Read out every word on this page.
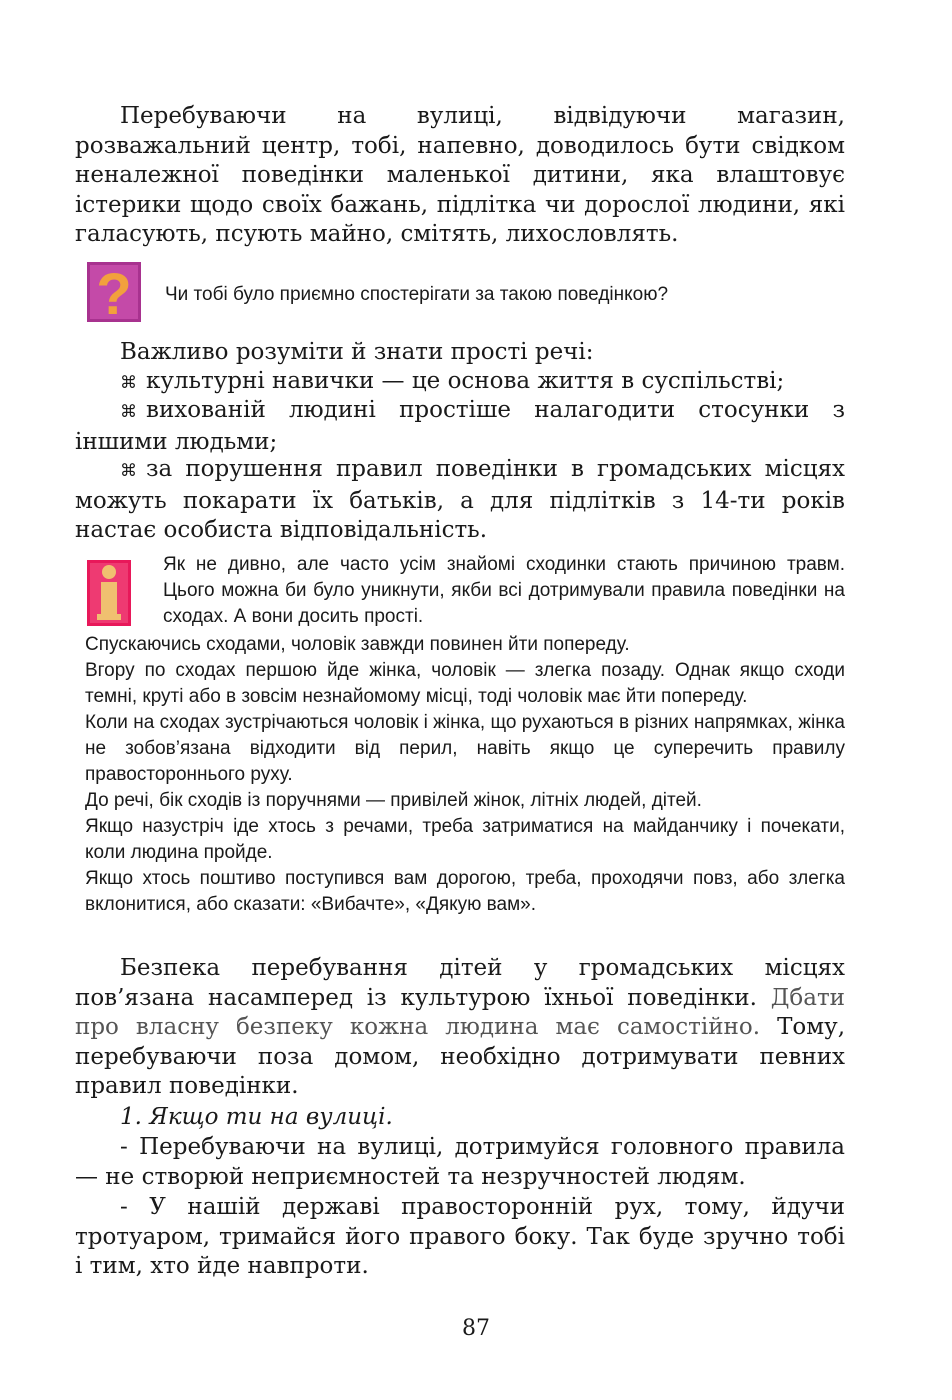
Перебуваючи на вулиці, відвідуючи магазин, розважальний центр, тобі, напевно, доводилось бути свідком неналежної поведінки маленької дитини, яка влаштовує істерики щодо своїх бажань, підлітка чи дорослої людини, які галасують, псують майно, смітять, лихословлять.
? Чи тобі було приємно спостерігати за такою поведінкою?
Важливо розуміти й знати прості речі:
⌘ культурні навички — це основа життя в суспільстві;
⌘ вихованій людині простіше налагодити стосунки з іншими людьми;
⌘ за порушення правил поведінки в громадських місцях можуть покарати їх батьків, а для підлітків з 14-ти років настає особиста відповідальність.
Як не дивно, але часто усім знайомі сходинки стають причиною травм. Цього можна би було уникнути, якби всі дотримували правила поведінки на сходах. А вони досить прості.
Спускаючись сходами, чоловік завжди повинен йти попереду.
Вгору по сходах першою йде жінка, чоловік — злегка позаду. Однак якщо сходи темні, круті або в зовсім незнайомому місці, тоді чоловік має йти попереду.
Коли на сходах зустрічаються чоловік і жінка, що рухаються в різних напрямках, жінка не зобов’язана відходити від перил, навіть якщо це суперечить правилу правостороннього руху.
До речі, бік сходів із поручнями — привілей жінок, літніх людей, дітей.
Якщо назустріч іде хтось з речами, треба затриматися на майданчику і почекати, коли людина пройде.
Якщо хтось поштиво поступився вам дорогою, треба, проходячи повз, або злегка вклонитися, або сказати: «Вибачте», «Дякую вам».
Безпека перебування дітей у громадських місцях пов’язана насамперед із культурою їхньої поведінки. Дбати про власну безпеку кожна людина має самостійно. Тому, перебуваючи поза домом, необхідно дотримувати певних правил поведінки.
1. Якщо ти на вулиці.
- Перебуваючи на вулиці, дотримуйся головного правила — не створюй неприємностей та незручностей людям.
- У нашій державі правосторонній рух, тому, йдучи тротуаром, тримайся його правого боку. Так буде зручно тобі і тим, хто йде навпроти.
87
